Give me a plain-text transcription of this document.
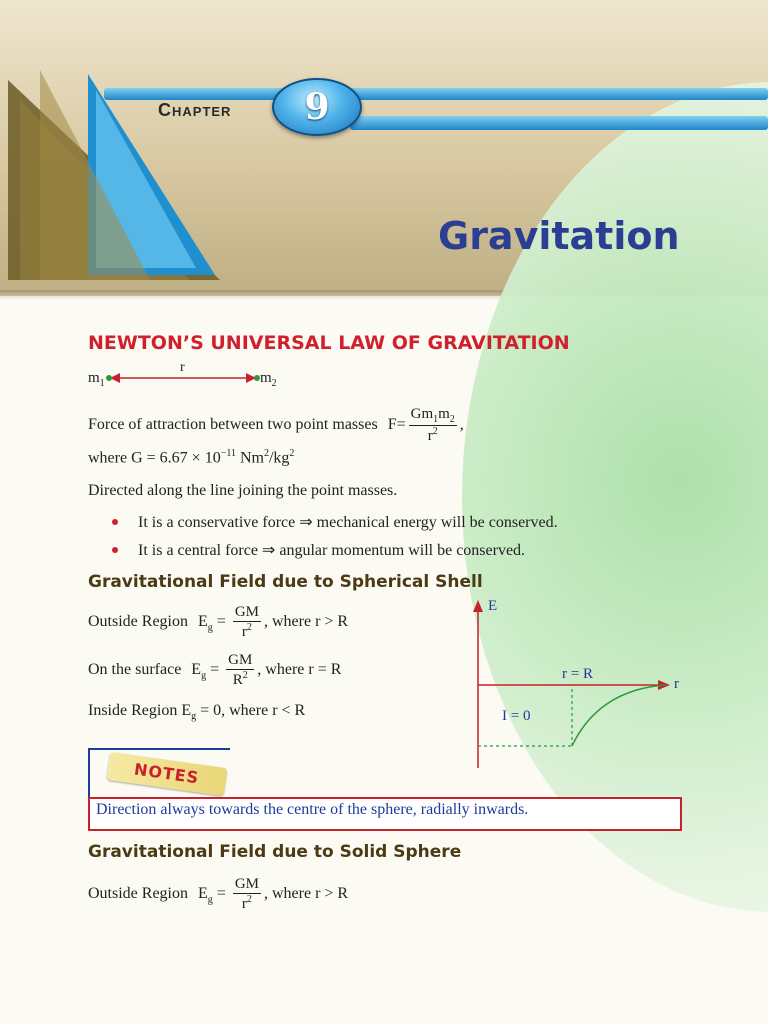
Chapter	9
Gravitation
NEWTON’S UNIVERSAL LAW OF GRAVITATION
$m_1$
r
$m_2$
Force of attraction between two point masses $F= \frac{Gm_1m_2}{r^2}$ ,
where $G = 6.67 \times 10^{-11}$ $Nm^2/kg^2$
Directed along the line joining the point masses.
It is a conservative force ⇒ mechanical energy will be conserved.
It is a central force ⇒ angular momentum will be conserved.
Gravitational Field due to Spherical Shell
Outside Region $E_g = \frac{GM}{r^2}$ , where r > R
On the surface $E_g = \frac{GM}{R^2}$ , where r = R
Inside Region $E_g = 0$, where r < R
E
r
r = R
I = 0
NOTES
Direction always towards the centre of the sphere, radially inwards.
Gravitational Field due to Solid Sphere
Outside Region $E_g = \frac{GM}{r^2}$ , where r > R
